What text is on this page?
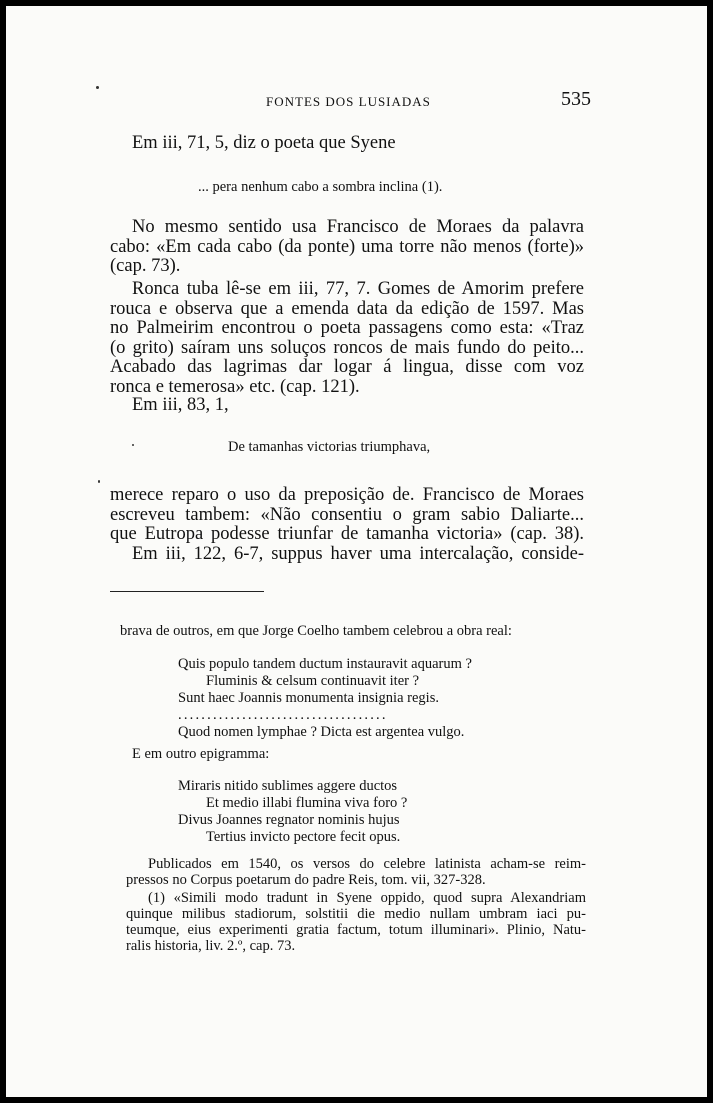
FONTES DOS LUSIADAS	535
Em iii, 71, 5, diz o poeta que Syene
... pera nenhum cabo a sombra inclina (1).
No mesmo sentido usa Francisco de Moraes da palavra
cabo: «Em cada cabo (da ponte) uma torre não menos (forte)»
(cap. 73).
Ronca tuba lê-se em iii, 77, 7. Gomes de Amorim prefere
rouca e observa que a emenda data da edição de 1597. Mas
no Palmeirim encontrou o poeta passagens como esta: «Traz
(o grito) saíram uns soluços roncos de mais fundo do peito...
Acabado das lagrimas dar logar á lingua, disse com voz
ronca e temerosa» etc. (cap. 121).
Em iii, 83, 1,
De tamanhas victorias triumphava,
merece reparo o uso da preposição de. Francisco de Moraes
escreveu tambem: «Não consentiu o gram sabio Daliarte...
que Eutropa podesse triunfar de tamanha victoria» (cap. 38).
Em iii, 122, 6-7, suppus haver uma intercalação, conside-
brava de outros, em que Jorge Coelho tambem celebrou a obra real:
Quis populo tandem ductum instauravit aquarum ?
Fluminis & celsum continuavit iter ?
Sunt haec Joannis monumenta insignia regis.
....................................
Quod nomen lymphae ? Dicta est argentea vulgo.
E em outro epigramma:
Miraris nitido sublimes aggere ductos
Et medio illabi flumina viva foro ?
Divus Joannes regnator nominis hujus
Tertius invicto pectore fecit opus.
Publicados em 1540, os versos do celebre latinista acham-se reim-
pressos no Corpus poetarum do padre Reis, tom. vii, 327-328.
(1) «Simili modo tradunt in Syene oppido, quod supra Alexandriam
quinque milibus stadiorum, solstitii die medio nullam umbram iaci pu-
teumque, eius experimenti gratia factum, totum illuminari». Plinio, Natu-
ralis historia, liv. 2.º, cap. 73.
